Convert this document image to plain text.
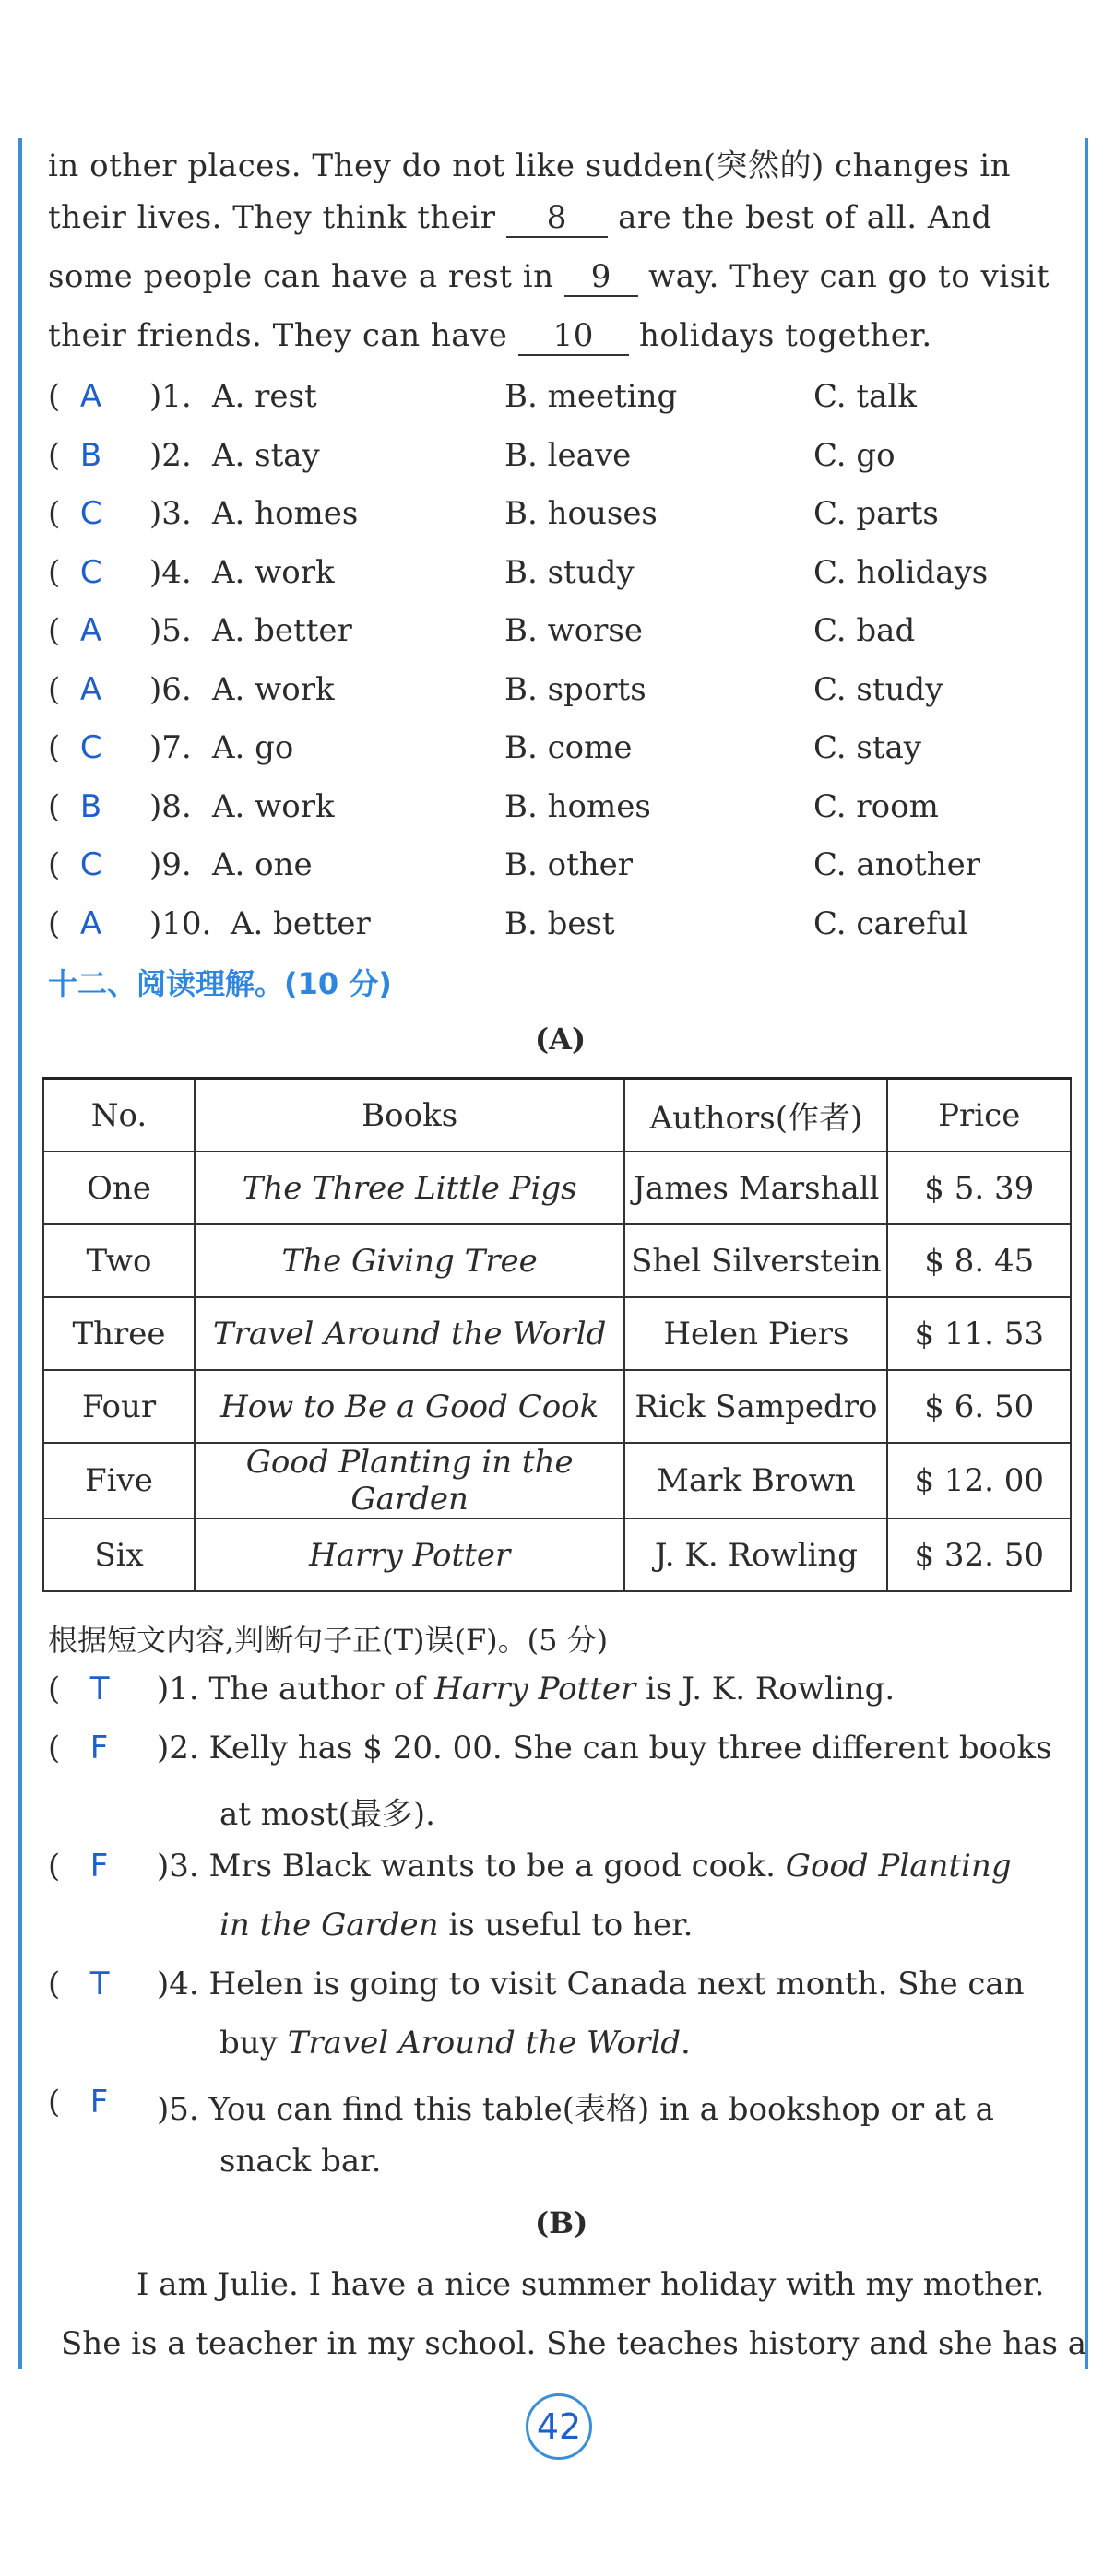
in other places. They do not like sudden(突然的) changes in
their lives. They think their 8 are the best of all. And
some people can have a rest in 9 way. They can go to visit
their friends. They can have 10 holidays together.
(  A	)1. A. rest	B. meeting	C. talk
(  B	)2. A. stay	B. leave	C. go
(  C	)3. A. homes	B. houses	C. parts
(  C	)4. A. work	B. study	C. holidays
(  A	)5. A. better	B. worse	C. bad
(  A	)6. A. work	B. sports	C. study
(  C	)7. A. go	B. come	C. stay
(  B	)8. A. work	B. homes	C. room
(  C	)9. A. one	B. other	C. another
(  A	)10. A. better	B. best	C. careful
十二、阅读理解。(10 分)
(A)
No.	Books	Authors(作者)	Price
One	The Three Little Pigs	James Marshall	$ 5. 39
Two	The Giving Tree	Shel Silverstein	$ 8. 45
Three	Travel Around the World	Helen Piers	$ 11. 53
Four	How to Be a Good Cook	Rick Sampedro	$ 6. 50
Five	Good Planting in the Garden	Mark Brown	$ 12. 00
Six	Harry Potter	J. K. Rowling	$ 32. 50
根据短文内容,判断句子正(T)误(F)。(5 分)
(   T	)1. The author of Harry Potter is J. K. Rowling.
(   F	)2. Kelly has $ 20. 00. She can buy three different books
at most(最多).
(   F	)3. Mrs Black wants to be a good cook. Good Planting
in the Garden is useful to her.
(   T	)4. Helen is going to visit Canada next month. She can
buy Travel Around the World.
(   F	)5. You can find this table(表格) in a bookshop or at a
snack bar.
(B)
I am Julie. I have a nice summer holiday with my mother.
She is a teacher in my school. She teaches history and she has a
42
